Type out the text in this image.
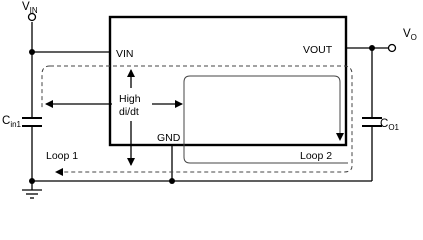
$V_{IN}$
$V_O$
$C_{in1}$	$C_{O1}$
VIN	VOUT
GND
High
di/dt
Loop 1	Loop 2
